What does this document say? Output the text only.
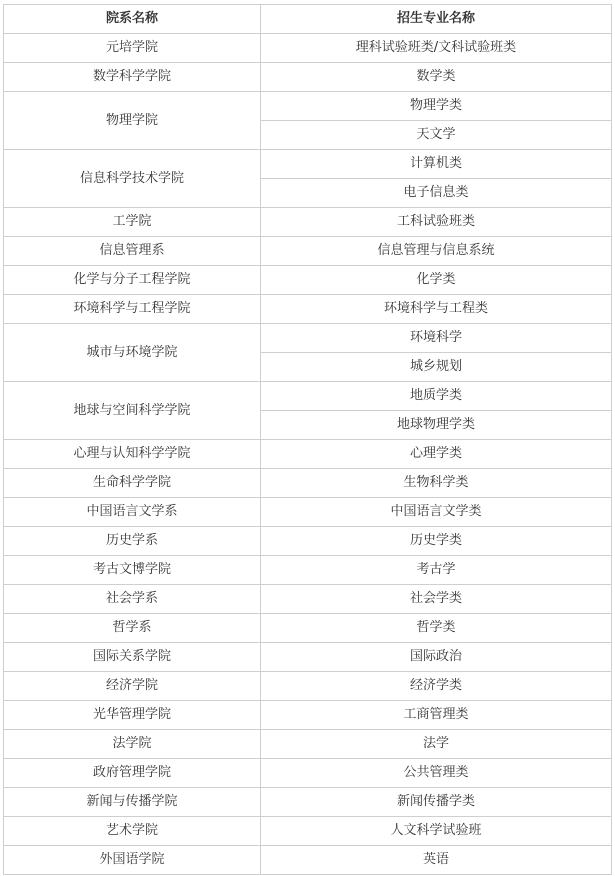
院系名称	招生专业名称
元培学院	理科试验班类/文科试验班类
数学科学学院	数学类
物理学院	物理学类
	天文学
信息科学技术学院	计算机类
	电子信息类
工学院	工科试验班类
信息管理系	信息管理与信息系统
化学与分子工程学院	化学类
环境科学与工程学院	环境科学与工程类
城市与环境学院	环境科学
	城乡规划
地球与空间科学学院	地质学类
	地球物理学类
心理与认知科学学院	心理学类
生命科学学院	生物科学类
中国语言文学系	中国语言文学类
历史学系	历史学类
考古文博学院	考古学
社会学系	社会学类
哲学系	哲学类
国际关系学院	国际政治
经济学院	经济学类
光华管理学院	工商管理类
法学院	法学
政府管理学院	公共管理类
新闻与传播学院	新闻传播学类
艺术学院	人文科学试验班
外国语学院	英语
